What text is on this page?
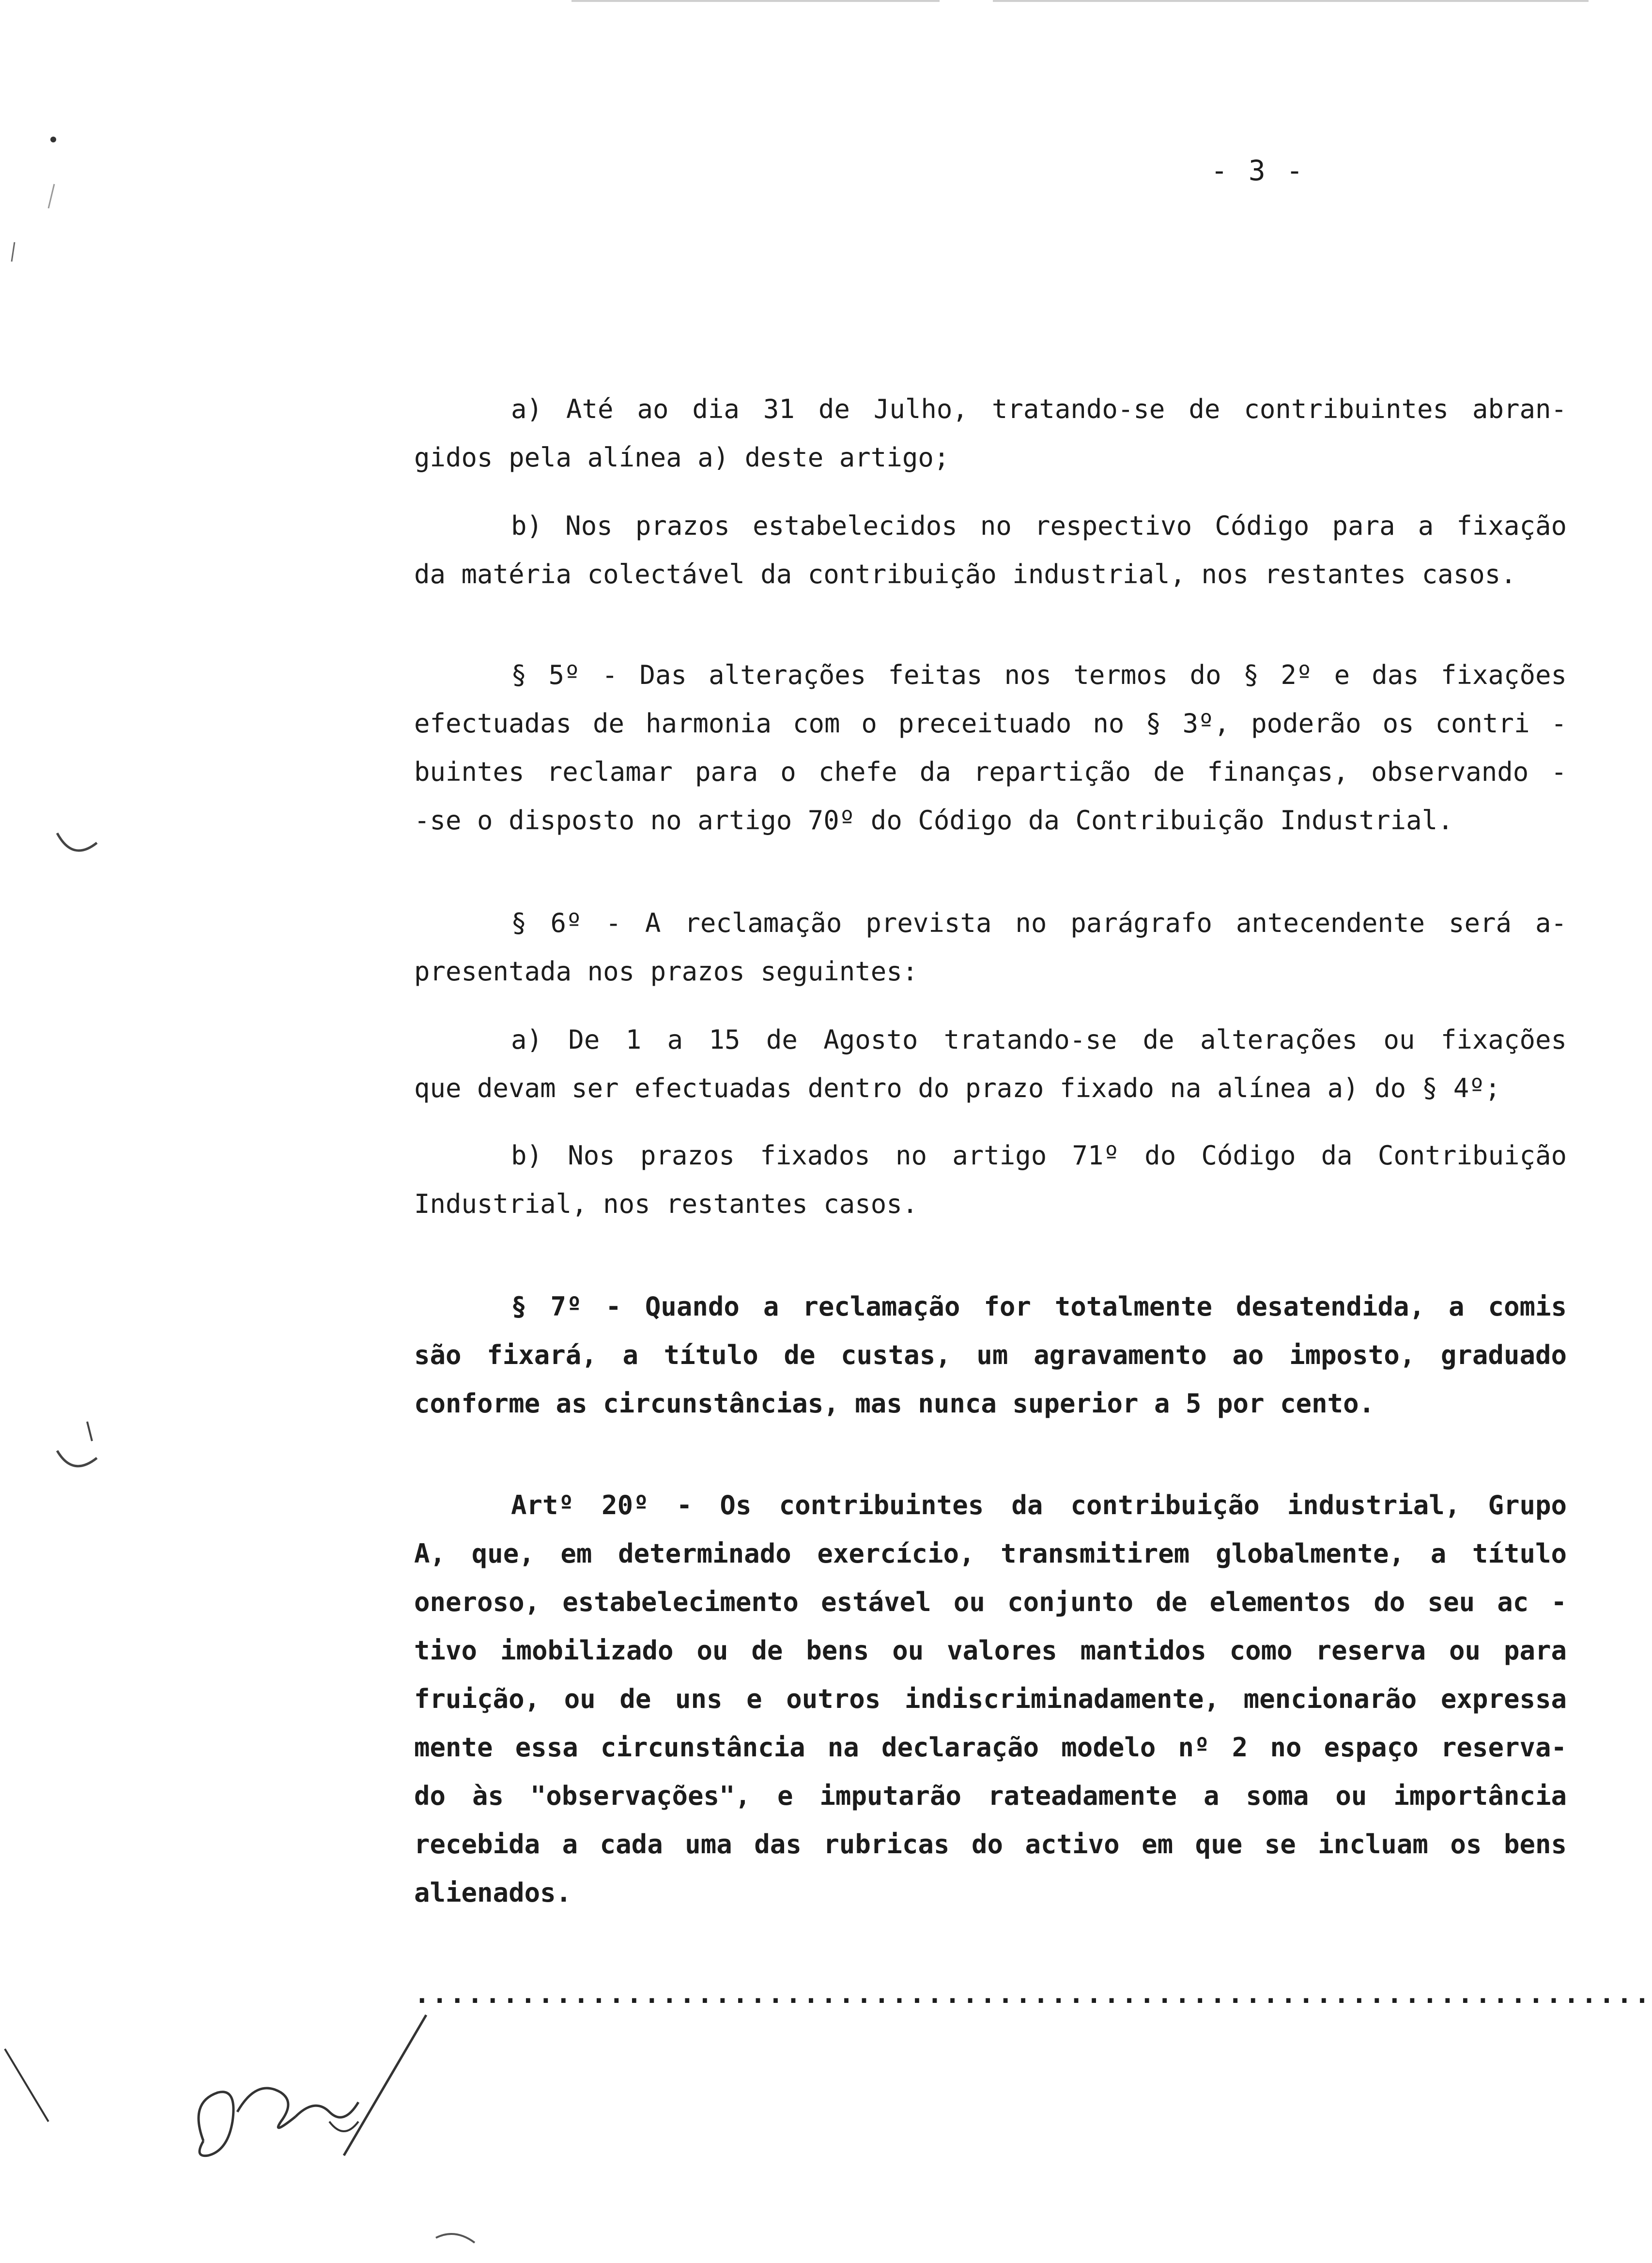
- 3 -
a) Até ao dia 31 de Julho, tratando-se de contribuintes abran-
gidos pela alínea a) deste artigo;
b) Nos prazos estabelecidos no respectivo Código para a fixação
da matéria colectável da contribuição industrial, nos restantes casos.
§ 5º - Das alterações feitas nos termos do § 2º e das fixações
efectuadas de harmonia com o preceituado no § 3º, poderão os contri -
buintes reclamar para o chefe da repartição de finanças, observando -
-se o disposto no artigo 70º do Código da Contribuição Industrial.
§ 6º - A reclamação prevista no parágrafo antecendente será a-
presentada nos prazos seguintes:
a) De 1 a 15 de Agosto tratando-se de alterações ou fixações
que devam ser efectuadas dentro do prazo fixado na alínea a) do § 4º;
b) Nos prazos fixados no artigo 71º do Código da Contribuição
Industrial, nos restantes casos.
§ 7º - Quando a reclamação for totalmente desatendida, a comis
são fixará, a título de custas, um agravamento ao imposto, graduado
conforme as circunstâncias, mas nunca superior a 5 por cento.
Artº 20º - Os contribuintes da contribuição industrial, Grupo
A, que, em determinado exercício, transmitirem globalmente, a título
oneroso, estabelecimento estável ou conjunto de elementos do seu ac -
tivo imobilizado ou de bens ou valores mantidos como reserva ou para
fruição, ou de uns e outros indiscriminadamente, mencionarão expressa
mente essa circunstância na declaração modelo nº 2 no espaço reserva-
do às "observações", e imputarão rateadamente a soma ou importância
recebida a cada uma das rubricas do activo em que se incluam os bens
alienados.
......................................................................
